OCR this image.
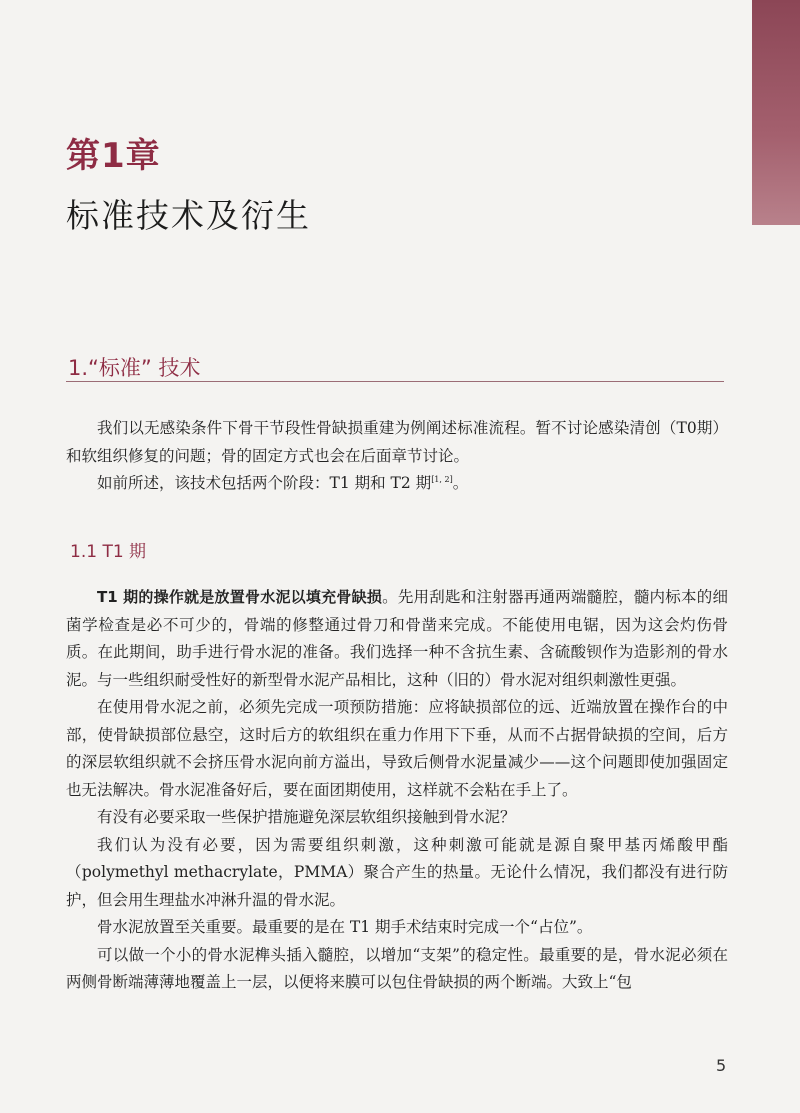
第1章
标准技术及衍生
1.“标准” 技术

我们以无感染条件下骨干节段性骨缺损重建为例阐述标准流程。暂不讨论感染清创（T0期）和软组织修复的问题；骨的固定方式也会在后面章节讨论。

如前所述，该技术包括两个阶段：T1 期和 T2 期[1, 2]。

1.1 T1 期

T1 期的操作就是放置骨水泥以填充骨缺损。先用刮匙和注射器再通两端髓腔，髓内标本的细菌学检查是必不可少的，骨端的修整通过骨刀和骨凿来完成。不能使用电锯，因为这会灼伤骨质。在此期间，助手进行骨水泥的准备。我们选择一种不含抗生素、含硫酸钡作为造影剂的骨水泥。与一些组织耐受性好的新型骨水泥产品相比，这种（旧的）骨水泥对组织刺激性更强。

在使用骨水泥之前，必须先完成一项预防措施：应将缺损部位的远、近端放置在操作台的中部，使骨缺损部位悬空，这时后方的软组织在重力作用下下垂，从而不占据骨缺损的空间，后方的深层软组织就不会挤压骨水泥向前方溢出，导致后侧骨水泥量减少——这个问题即使加强固定也无法解决。骨水泥准备好后，要在面团期使用，这样就不会粘在手上了。

有没有必要采取一些保护措施避免深层软组织接触到骨水泥？

我们认为没有必要，因为需要组织刺激，这种刺激可能就是源自聚甲基丙烯酸甲酯（polymethyl methacrylate，PMMA）聚合产生的热量。无论什么情况，我们都没有进行防护，但会用生理盐水冲淋升温的骨水泥。

骨水泥放置至关重要。最重要的是在 T1 期手术结束时完成一个“占位”。

可以做一个小的骨水泥榫头插入髓腔，以增加“支架”的稳定性。最重要的是，骨水泥必须在两侧骨断端薄薄地覆盖上一层，以便将来膜可以包住骨缺损的两个断端。大致上“包

5
